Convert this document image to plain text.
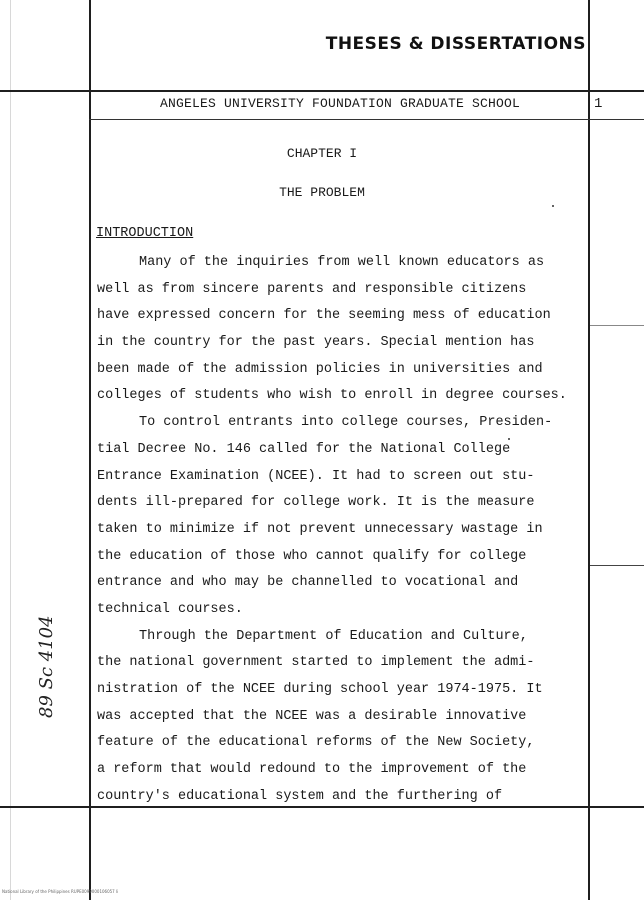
THESES & DISSERTATIONS
ANGELES UNIVERSITY FOUNDATION GRADUATE SCHOOL	1
CHAPTER I
THE PROBLEM
INTRODUCTION
Many of the inquiries from well known educators as
well as from sincere parents and responsible citizens
have expressed concern for the seeming mess of education
in the country for the past years. Special mention has
been made of the admission policies in universities and
colleges of students who wish to enroll in degree courses.
To control entrants into college courses, Presiden-
tial Decree No. 146 called for the National College
Entrance Examination (NCEE). It had to screen out stu-
dents ill-prepared for college work. It is the measure
taken to minimize if not prevent unnecessary wastage in
the education of those who cannot qualify for college
entrance and who may be channelled to vocational and
technical courses.
Through the Department of Education and Culture,
the national government started to implement the admi-
nistration of the NCEE during school year 1974-1975. It
was accepted that the NCEE was a desirable innovative
feature of the educational reforms of the New Society,
a reform that would redound to the improvement of the
country's educational system and the furthering of
89 Sc 4104
National Library of the Philippines RUPE0099000106057 li
